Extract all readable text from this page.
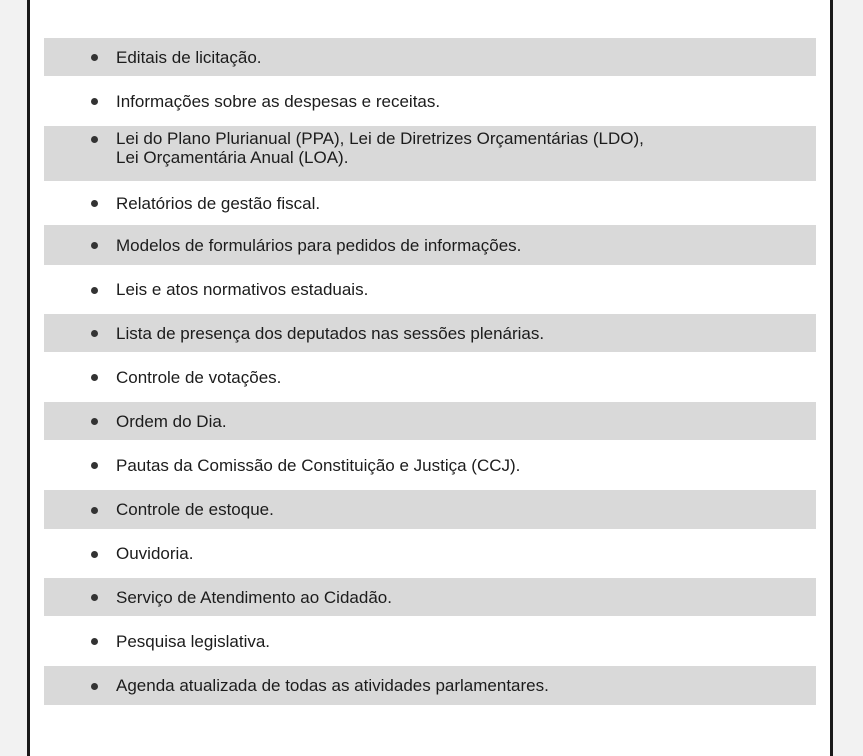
Editais de licitação.
Informações sobre as despesas e receitas.
Lei do Plano Plurianual (PPA), Lei de Diretrizes Orçamentárias (LDO),
Lei Orçamentária Anual (LOA).
Relatórios de gestão fiscal.
Modelos de formulários para pedidos de informações.
Leis e atos normativos estaduais.
Lista de presença dos deputados nas sessões plenárias.
Controle de votações.
Ordem do Dia.
Pautas da Comissão de Constituição e Justiça (CCJ).
Controle de estoque.
Ouvidoria.
Serviço de Atendimento ao Cidadão.
Pesquisa legislativa.
Agenda atualizada de todas as atividades parlamentares.
